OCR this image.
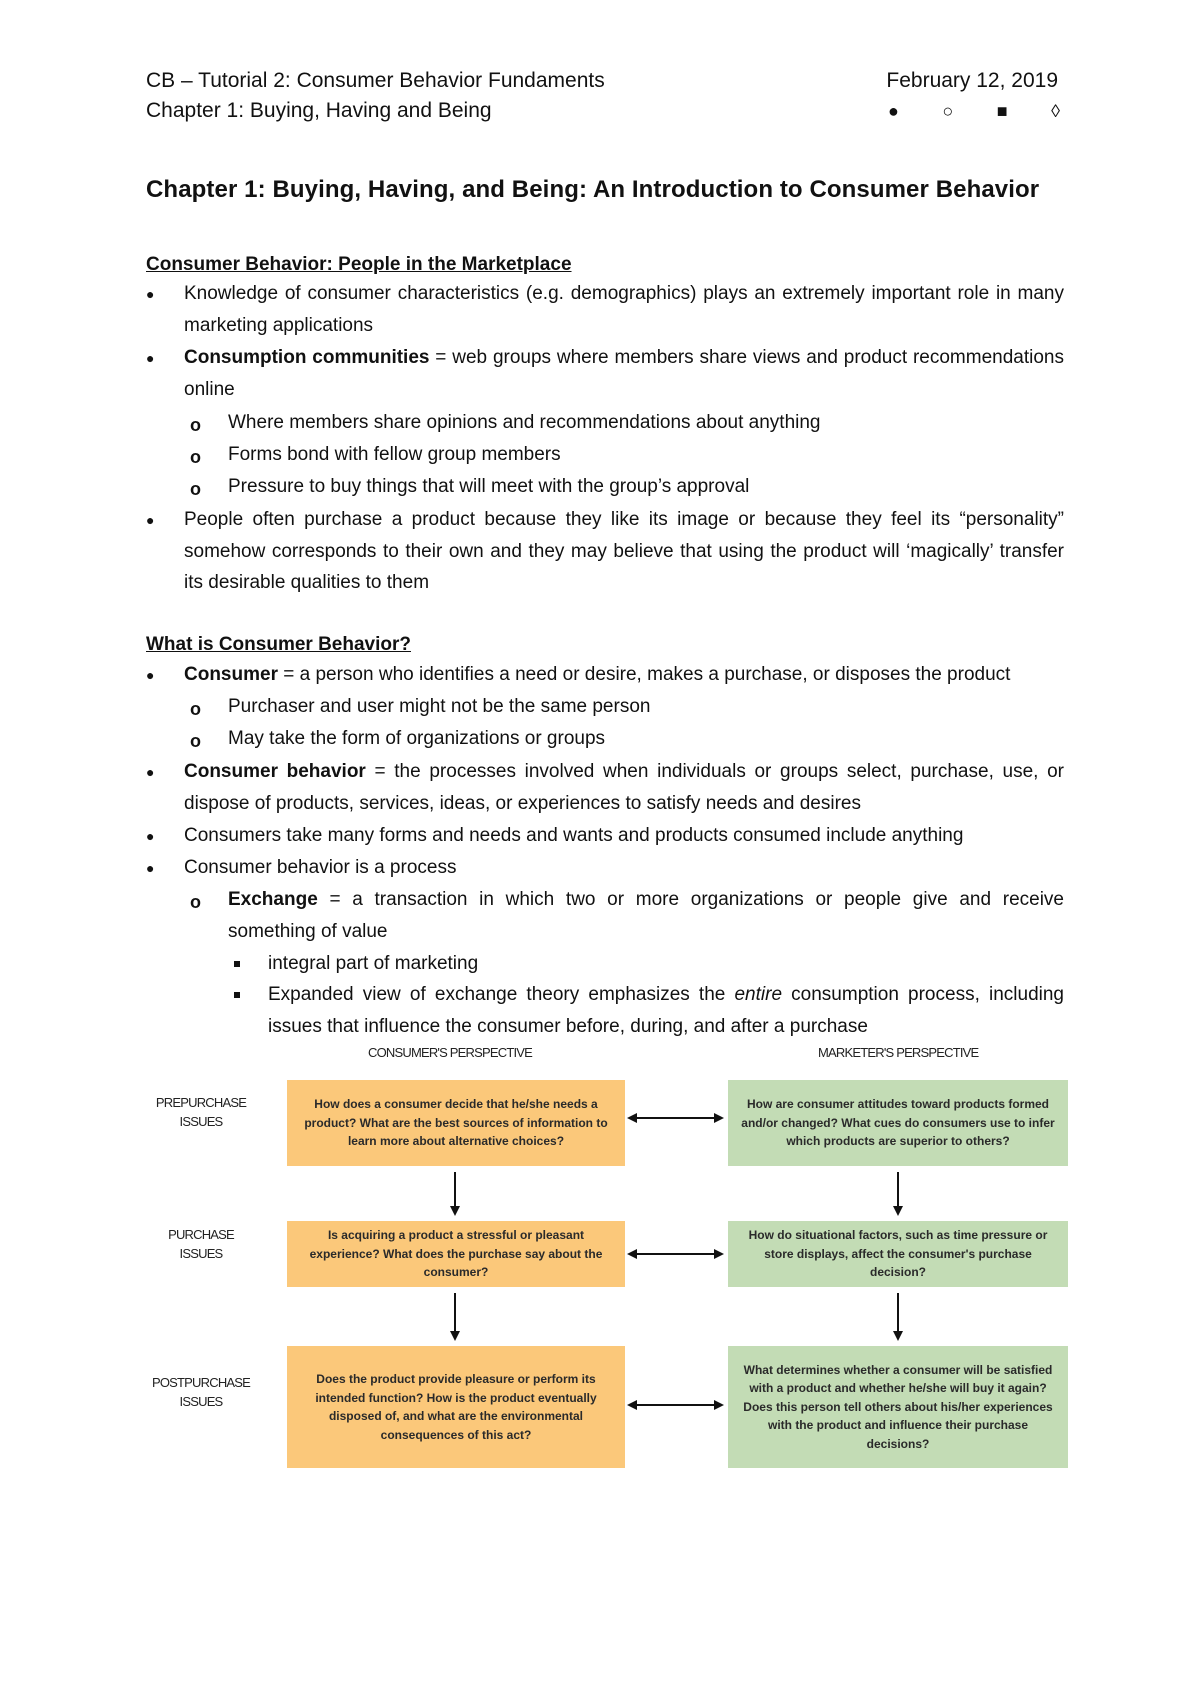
CB – Tutorial 2: Consumer Behavior Fundaments
Chapter 1: Buying, Having and Being
February 12, 2019
● ○ ■ ◊
Chapter 1: Buying, Having, and Being: An Introduction to Consumer Behavior
Consumer Behavior: People in the Marketplace
● Knowledge of consumer characteristics (e.g. demographics) plays an extremely important role in many marketing applications
● Consumption communities = web groups where members share views and product recommendations online
o Where members share opinions and recommendations about anything
o Forms bond with fellow group members
o Pressure to buy things that will meet with the group’s approval
● People often purchase a product because they like its image or because they feel its “personality” somehow corresponds to their own and they may believe that using the product will ‘magically’ transfer its desirable qualities to them
What is Consumer Behavior?
● Consumer = a person who identifies a need or desire, makes a purchase, or disposes the product
o Purchaser and user might not be the same person
o May take the form of organizations or groups
● Consumer behavior = the processes involved when individuals or groups select, purchase, use, or dispose of products, services, ideas, or experiences to satisfy needs and desires
● Consumers take many forms and needs and wants and products consumed include anything
● Consumer behavior is a process
o Exchange = a transaction in which two or more organizations or people give and receive something of value
integral part of marketing
Expanded view of exchange theory emphasizes the entire consumption process, including issues that influence the consumer before, during, and after a purchase
CONSUMER'S PERSPECTIVE	MARKETER'S PERSPECTIVE
PREPURCHASE
ISSUES
PURCHASE
ISSUES
POSTPURCHASE
ISSUES
How does a consumer decide that he/she needs a product? What are the best sources of information to learn more about alternative choices?
How are consumer attitudes toward products formed and/or changed? What cues do consumers use to infer which products are superior to others?
Is acquiring a product a stressful or pleasant experience? What does the purchase say about the consumer?
How do situational factors, such as time pressure or store displays, affect the consumer's purchase decision?
Does the product provide pleasure or perform its intended function? How is the product eventually disposed of, and what are the environmental consequences of this act?
What determines whether a consumer will be satisfied with a product and whether he/she will buy it again? Does this person tell others about his/her experiences with the product and influence their purchase decisions?
